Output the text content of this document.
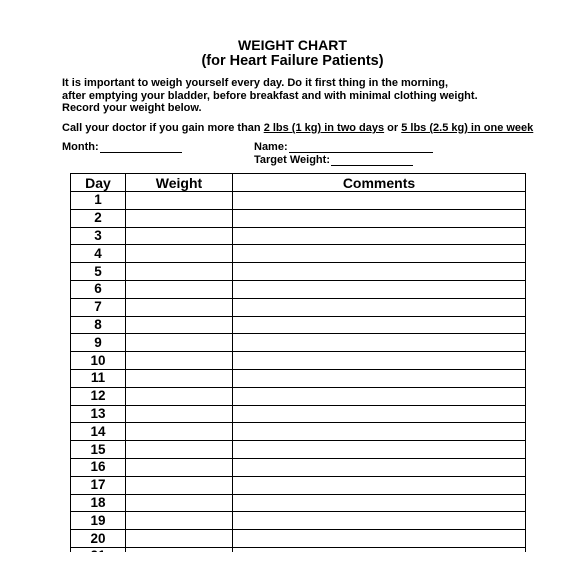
WEIGHT CHART
(for Heart Failure Patients)
It is important to weigh yourself every day. Do it first thing in the morning,
after emptying your bladder, before breakfast and with minimal clothing weight.
Record your weight below.
Call your doctor if you gain more than 2 lbs (1 kg) in two days or 5 lbs (2.5 kg) in one week
Month:	Name:
Target Weight:
Day	Weight	Comments
1		
2		
3		
4		
5		
6		
7		
8		
9		
10		
11		
12		
13		
14		
15		
16		
17		
18		
19		
20		
